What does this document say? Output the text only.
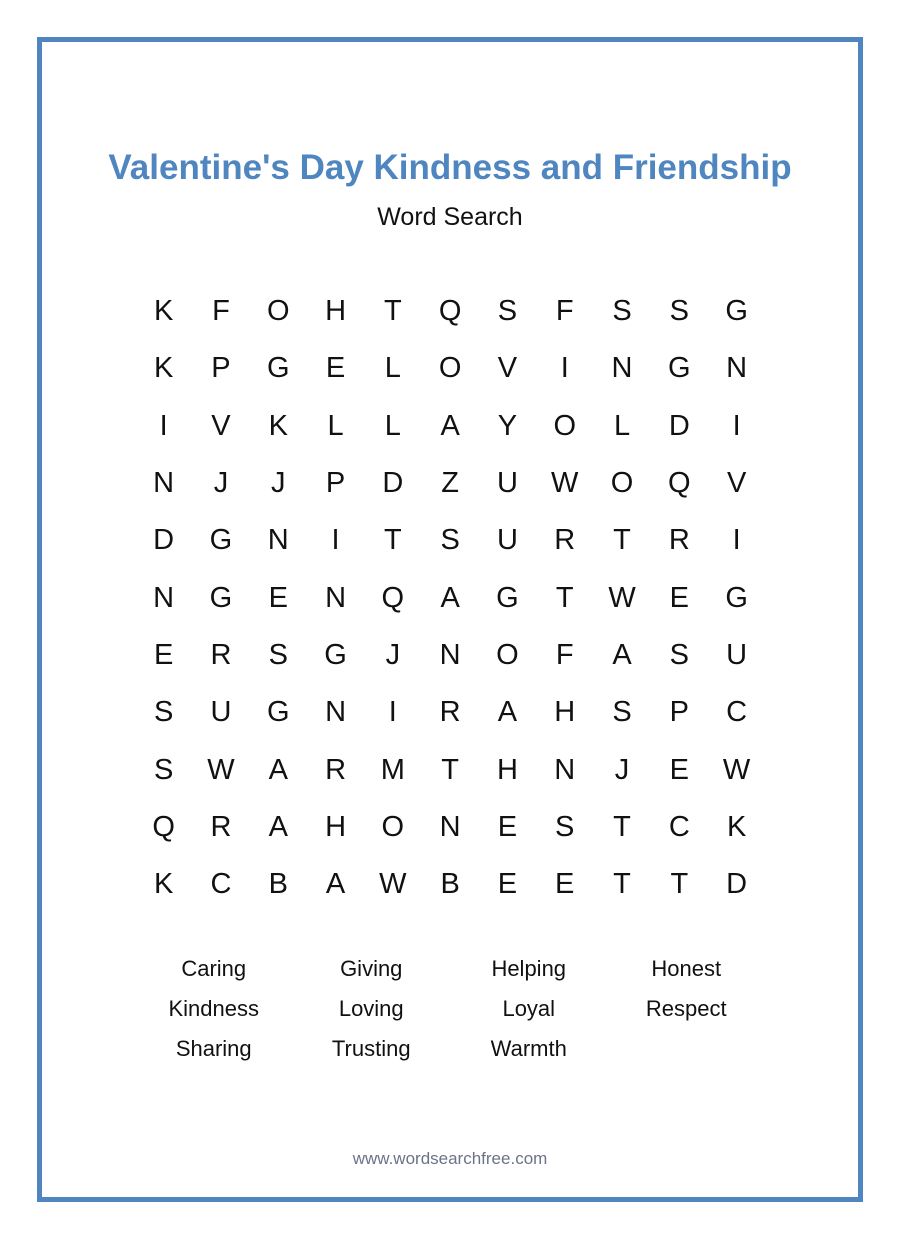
Valentine's Day Kindness and Friendship
Word Search
K	F	O	H	T	Q	S	F	S	S	G
K	P	G	E	L	O	V	I	N	G	N
I	V	K	L	L	A	Y	O	L	D	I
N	J	J	P	D	Z	U	W	O	Q	V
D	G	N	I	T	S	U	R	T	R	I
N	G	E	N	Q	A	G	T	W	E	G
E	R	S	G	J	N	O	F	A	S	U
S	U	G	N	I	R	A	H	S	P	C
S	W	A	R	M	T	H	N	J	E	W
Q	R	A	H	O	N	E	S	T	C	K
K	C	B	A	W	B	E	E	T	T	D
Caring	Giving	Helping	Honest
Kindness	Loving	Loyal	Respect
Sharing	Trusting	Warmth
www.wordsearchfree.com
